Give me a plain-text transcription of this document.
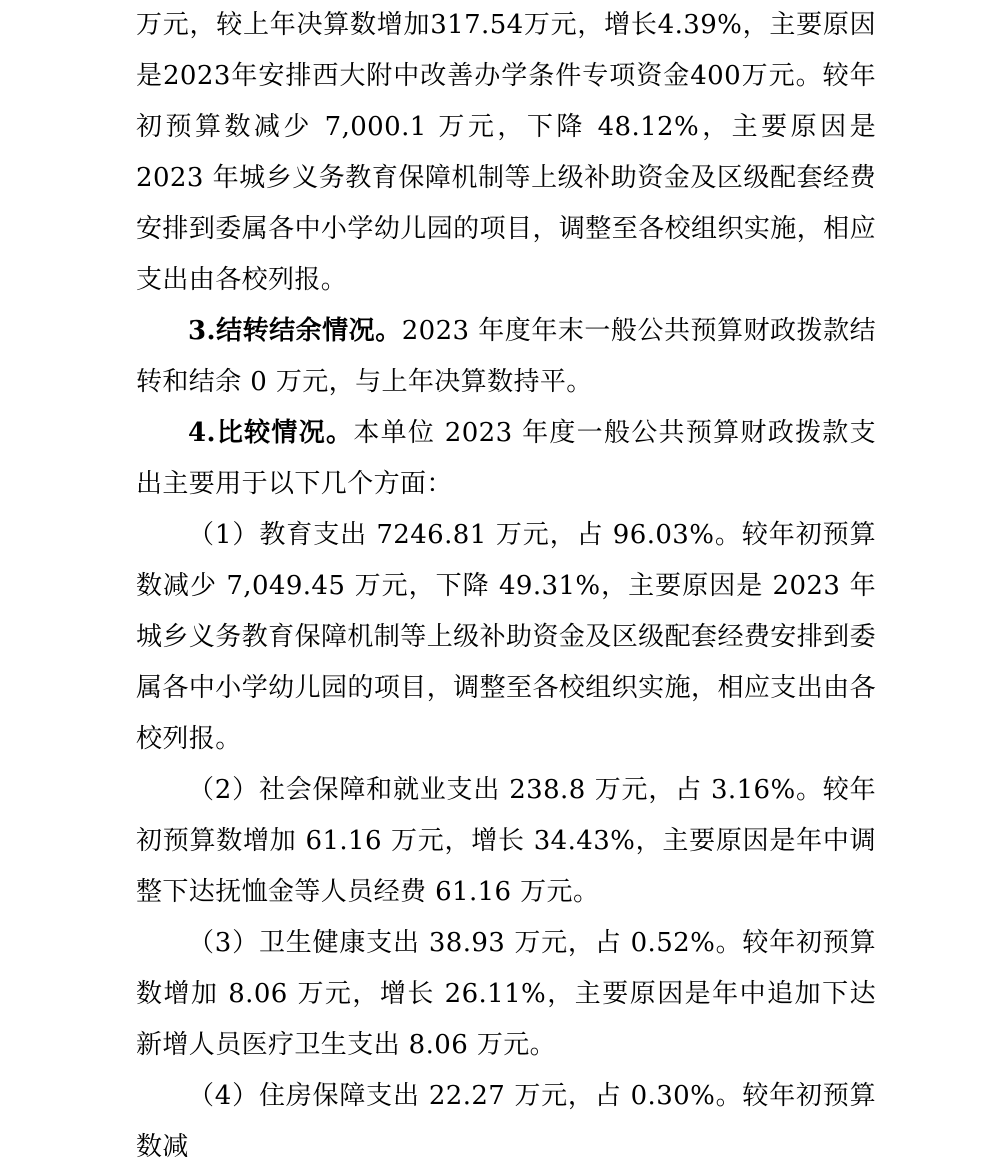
万元，较上年决算数增加317.54万元，增长4.39%，主要原因是2023年安排西大附中改善办学条件专项资金400万元。较年初预算数减少 7,000.1 万元，下降 48.12%，主要原因是 2023 年城乡义务教育保障机制等上级补助资金及区级配套经费安排到委属各中小学幼儿园的项目，调整至各校组织实施，相应支出由各校列报。

3.结转结余情况。2023 年度年末一般公共预算财政拨款结转和结余 0 万元，与上年决算数持平。

4.比较情况。本单位 2023 年度一般公共预算财政拨款支出主要用于以下几个方面：

（1）教育支出 7246.81 万元，占 96.03%。较年初预算数减少 7,049.45 万元，下降 49.31%，主要原因是 2023 年城乡义务教育保障机制等上级补助资金及区级配套经费安排到委属各中小学幼儿园的项目，调整至各校组织实施，相应支出由各校列报。

（2）社会保障和就业支出 238.8 万元，占 3.16%。较年初预算数增加 61.16 万元，增长 34.43%，主要原因是年中调整下达抚恤金等人员经费 61.16 万元。

（3）卫生健康支出 38.93 万元，占 0.52%。较年初预算数增加 8.06 万元，增长 26.11%，主要原因是年中追加下达新增人员医疗卫生支出 8.06 万元。

（4）住房保障支出 22.27 万元，占 0.30%。较年初预算数减
